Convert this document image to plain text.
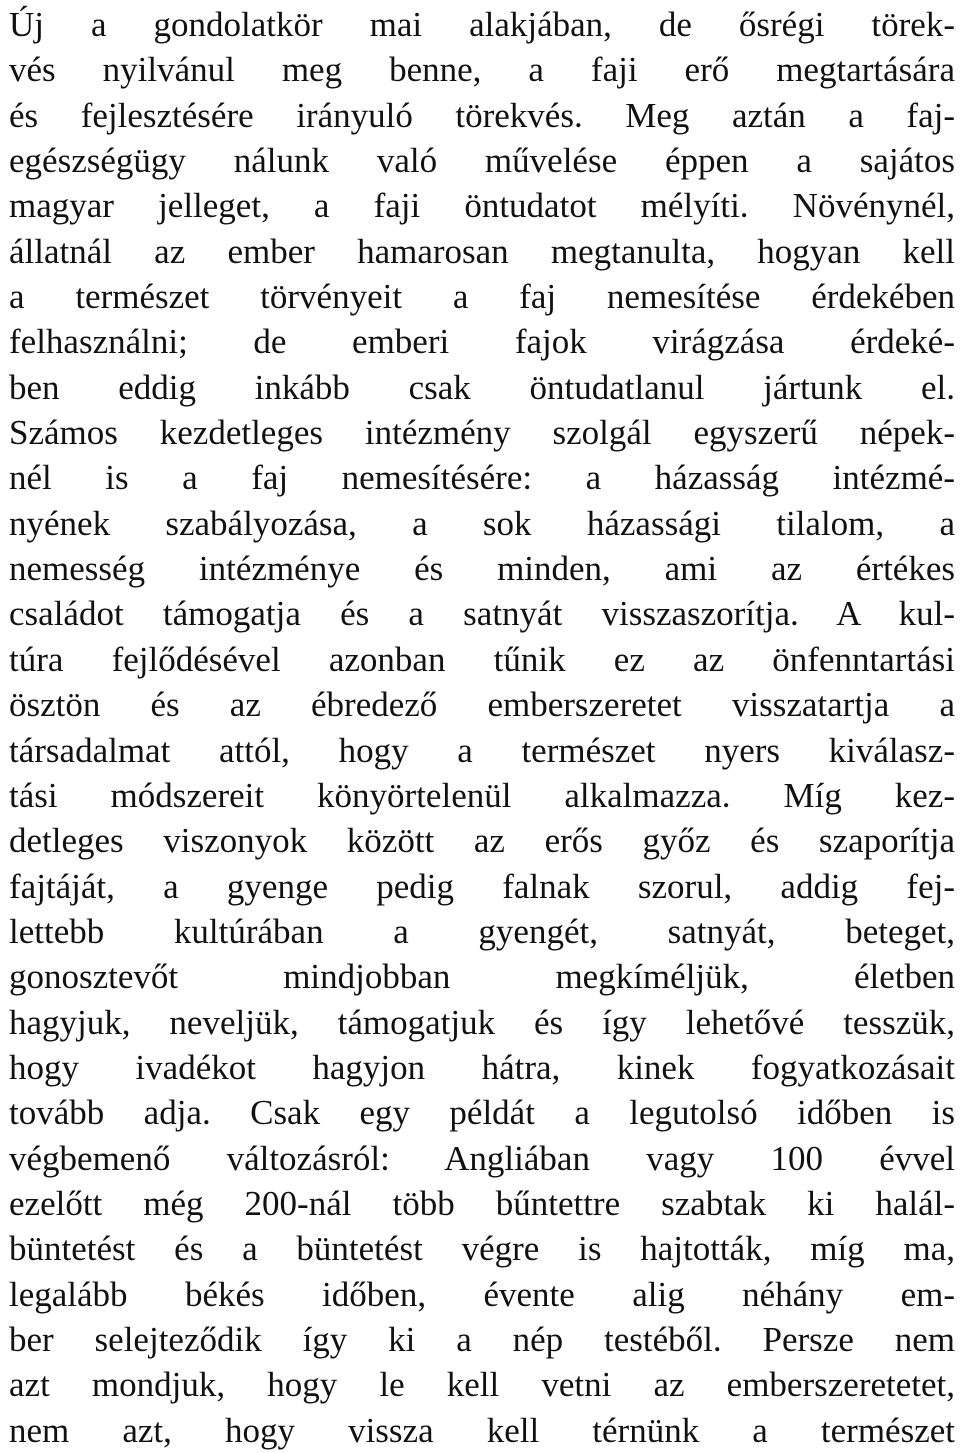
Új a gondolatkör mai alakjában, de ősrégi törek-
vés nyilvánul meg benne, a faji erő megtartására
és fejlesztésére irányuló törekvés. Meg aztán a faj-
egészségügy nálunk való művelése éppen a sajátos
magyar jelleget, a faji öntudatot mélyíti. Növénynél,
állatnál az ember hamarosan megtanulta, hogyan kell
a természet törvényeit a faj nemesítése érdekében
felhasználni; de emberi fajok virágzása érdeké-
ben eddig inkább csak öntudatlanul jártunk el.
Számos kezdetleges intézmény szolgál egyszerű népek-
nél is a faj nemesítésére: a házasság intézmé-
nyének szabályozása, a sok házassági tilalom, a
nemesség intézménye és minden, ami az értékes
családot támogatja és a satnyát visszaszorítja. A kul-
túra fejlődésével azonban tűnik ez az önfenntartási
ösztön és az ébredező emberszeretet visszatartja a
társadalmat attól, hogy a természet nyers kiválasz-
tási módszereit könyörtelenül alkalmazza. Míg kez-
detleges viszonyok között az erős győz és szaporítja
fajtáját, a gyenge pedig falnak szorul, addig fej-
lettebb kultúrában a gyengét, satnyát, beteget,
gonosztevőt mindjobban megkíméljük, életben
hagyjuk, neveljük, támogatjuk és így lehetővé tesszük,
hogy ivadékot hagyjon hátra, kinek fogyatkozásait
tovább adja. Csak egy példát a legutolsó időben is
végbemenő változásról: Angliában vagy 100 évvel
ezelőtt még 200-nál több bűntettre szabtak ki halál-
büntetést és a büntetést végre is hajtották, míg ma,
legalább békés időben, évente alig néhány em-
ber selejteződik így ki a nép testéből. Persze nem
azt mondjuk, hogy le kell vetni az emberszeretetet,
nem azt, hogy vissza kell térnünk a természet
